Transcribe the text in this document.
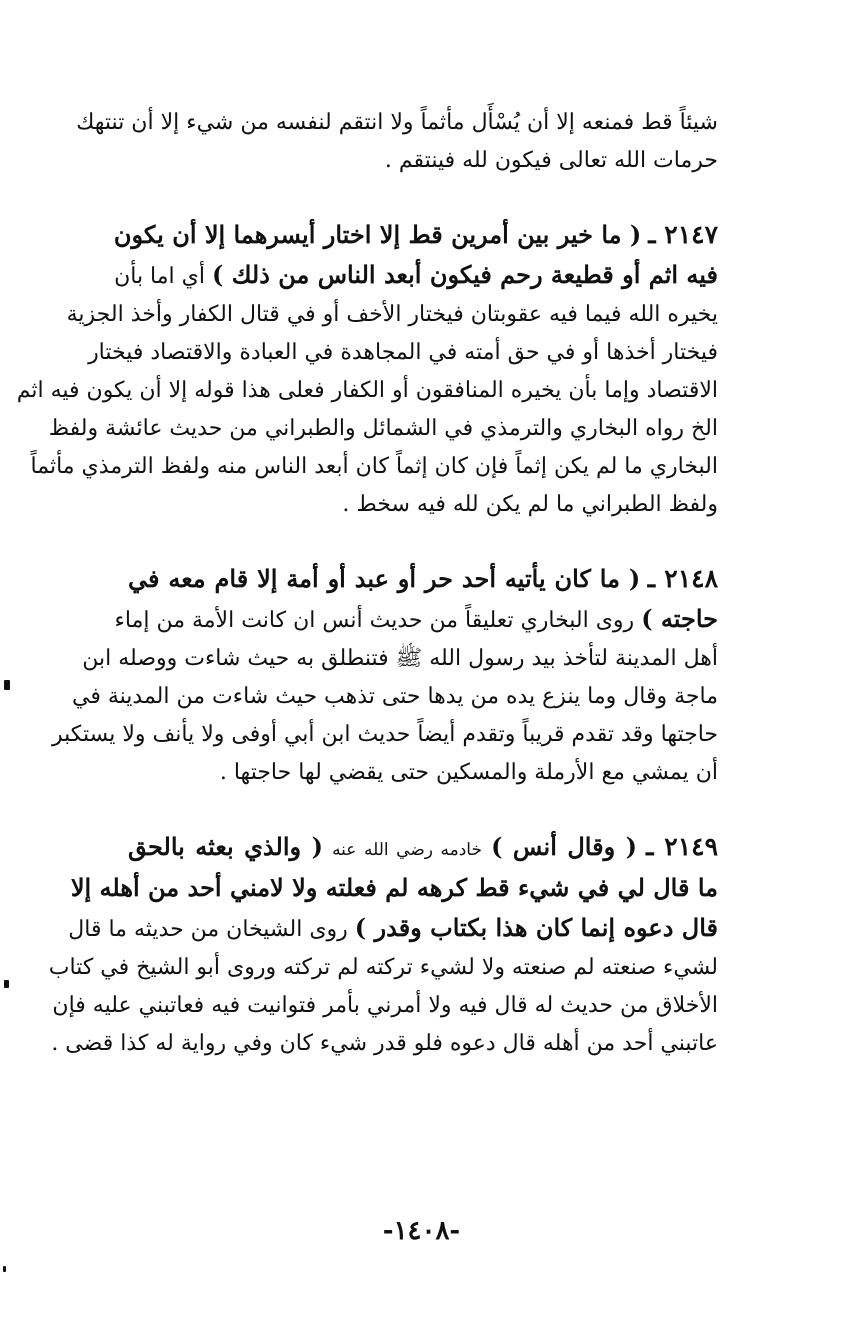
شيئاً قط فمنعه إلا أن يُسْأَل مأثماً ولا انتقم لنفسه من شيء إلا أن تنتهك
حرمات الله تعالى فيكون لله فينتقم .
٢١٤٧ ـ ( ما خير بين أمرين قط إلا اختار أيسرهما إلا أن يكون
فيه اثم أو قطيعة رحم فيكون أبعد الناس من ذلك ) أي اما بأن
يخيره الله فيما فيه عقوبتان فيختار الأخف أو في قتال الكفار وأخذ الجزية
فيختار أخذها أو في حق أمته في المجاهدة في العبادة والاقتصاد فيختار
الاقتصاد وإما بأن يخيره المنافقون أو الكفار فعلى هذا قوله إلا أن يكون فيه اثم
الخ رواه البخاري والترمذي في الشمائل والطبراني من حديث عائشة ولفظ
البخاري ما لم يكن إثماً فإن كان إثماً كان أبعد الناس منه ولفظ الترمذي مأثماً
ولفظ الطبراني ما لم يكن لله فيه سخط .
٢١٤٨ ـ ( ما كان يأتيه أحد حر أو عبد أو أمة إلا قام معه في
حاجته ) روى البخاري تعليقاً من حديث أنس ان كانت الأمة من إماء
أهل المدينة لتأخذ بيد رسول الله ﷺ فتنطلق به حيث شاءت ووصله ابن
ماجة وقال وما ينزع يده من يدها حتى تذهب حيث شاءت من المدينة في
حاجتها وقد تقدم قريباً وتقدم أيضاً حديث ابن أبي أوفى ولا يأنف ولا يستكبر
أن يمشي مع الأرملة والمسكين حتى يقضي لها حاجتها .
٢١٤٩ ـ ( وقال أنس ) خادمه رضي الله عنه ( والذي بعثه بالحق
ما قال لي في شيء قط كرهه لم فعلته ولا لامني أحد من أهله إلا
قال دعوه إنما كان هذا بكتاب وقدر ) روى الشيخان من حديثه ما قال
لشيء صنعته لم صنعته ولا لشيء تركته لم تركته وروى أبو الشيخ في كتاب
الأخلاق من حديث له قال فيه ولا أمرني بأمر فتوانيت فيه فعاتبني عليه فإن
عاتبني أحد من أهله قال دعوه فلو قدر شيء كان وفي رواية له كذا قضى .
-١٤٠٨-
